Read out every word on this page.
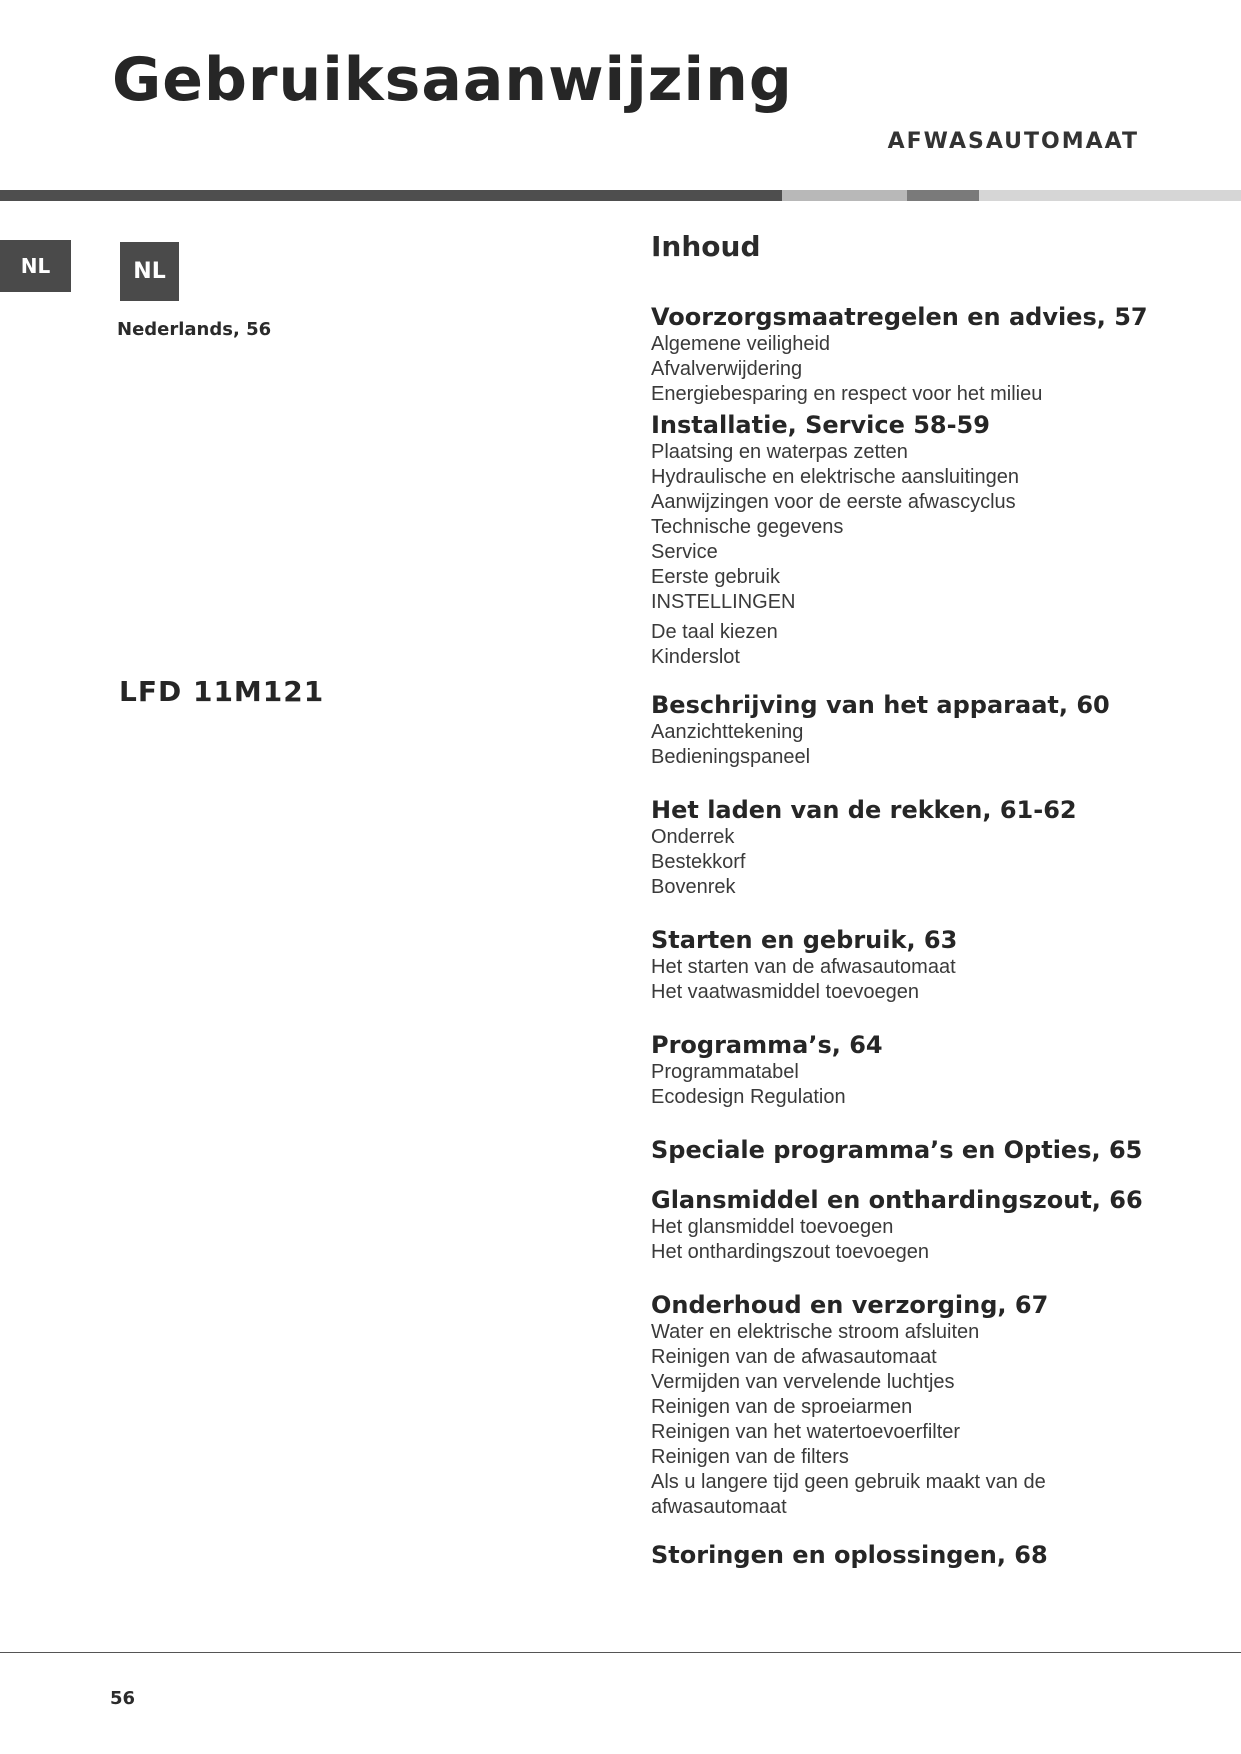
Gebruiksaanwijzing
AFWASAUTOMAAT
NL	NL
Nederlands, 56
LFD 11M121
Inhoud

Voorzorgsmaatregelen en advies, 57

Algemene veiligheid

Afvalverwijdering

Energiebesparing en respect voor het milieu

Installatie, Service 58-59

Plaatsing en waterpas zetten

Hydraulische en elektrische aansluitingen

Aanwijzingen voor de eerste afwascyclus

Technische gegevens

Service

Eerste gebruik

INSTELLINGEN

De taal kiezen

Kinderslot

Beschrijving van het apparaat, 60

Aanzichttekening

Bedieningspaneel

Het laden van de rekken, 61-62

Onderrek

Bestekkorf

Bovenrek

Starten en gebruik, 63

Het starten van de afwasautomaat

Het vaatwasmiddel toevoegen

Programma’s, 64

Programmatabel

Ecodesign Regulation

Speciale programma’s en Opties, 65

Glansmiddel en onthardingszout, 66

Het glansmiddel toevoegen

Het onthardingszout toevoegen

Onderhoud en verzorging, 67

Water en elektrische stroom afsluiten

Reinigen van de afwasautomaat

Vermijden van vervelende luchtjes

Reinigen van de sproeiarmen

Reinigen van het watertoevoerfilter

Reinigen van de filters

Als u langere tijd geen gebruik maakt van de

afwasautomaat

Storingen en oplossingen, 68

56
